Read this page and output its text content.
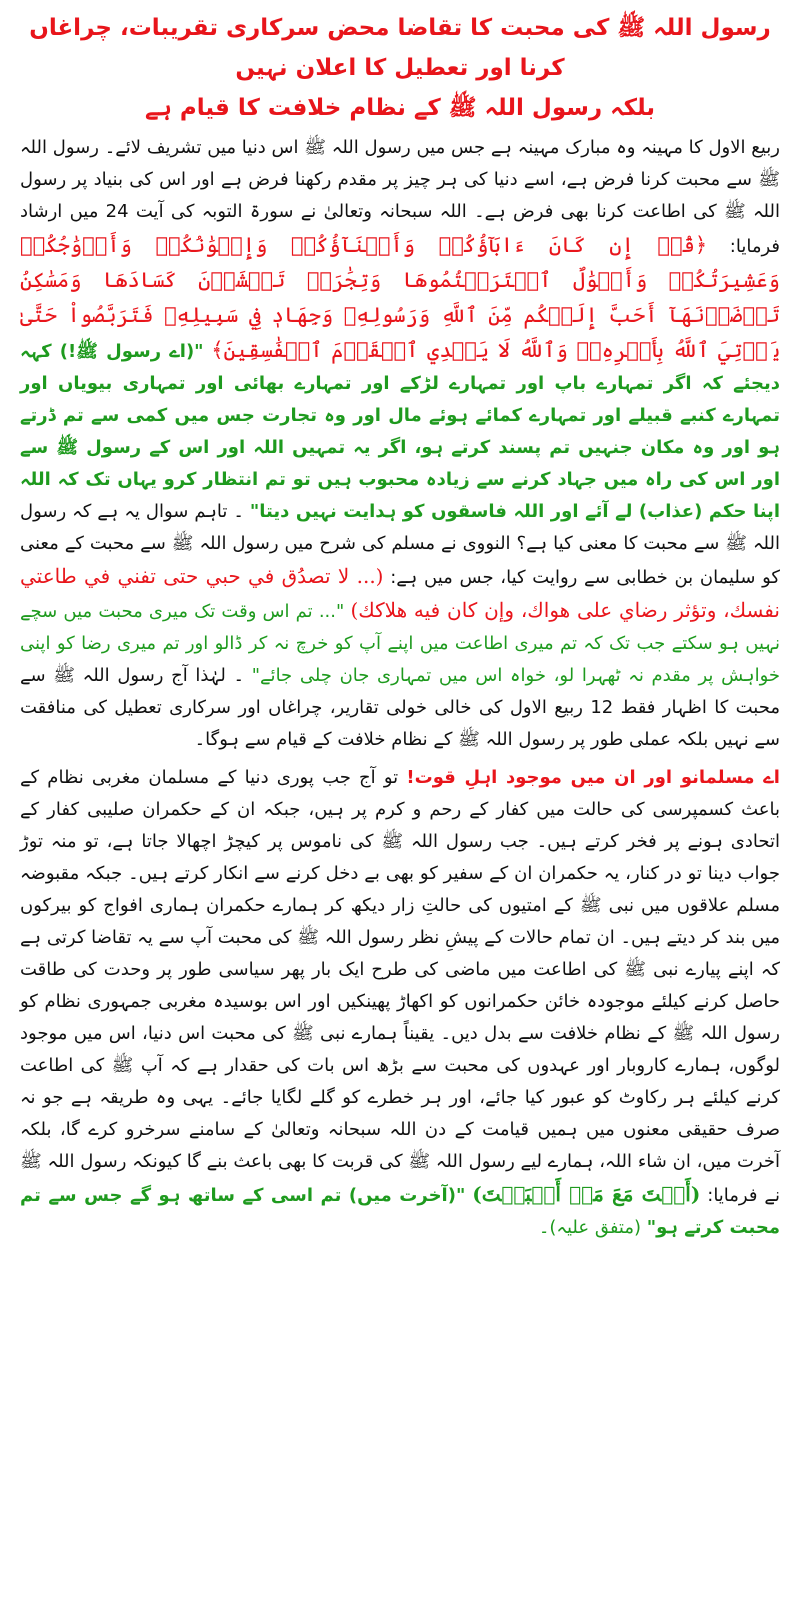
رسول اللہ ﷺ کی محبت کا تقاضا محض سرکاری تقریبات، چراغاں کرنا اور تعطیل کا اعلان نہیں
بلکہ رسول اللہ ﷺ کے نظام خلافت کا قیام ہے

ربیع الاول کا مہینہ وہ مبارک مہینہ ہے جس میں رسول اللہ ﷺ اس دنیا میں تشریف لائے۔ رسول اللہ ﷺ سے محبت کرنا فرض ہے، اسے دنیا کی ہر چیز پر مقدم رکھنا فرض ہے اور اس کی بنیاد پر رسول اللہ ﷺ کی اطاعت کرنا بھی فرض ہے۔ اللہ سبحانہ وتعالیٰ نے سورۃ التوبہ کی آیت 24 میں ارشاد فرمایا: ﴿قُلۡ إِن كَانَ ءَابَآؤُكُمۡ وَأَبۡنَآؤُكُمۡ وَإِخۡوَٰنُكُمۡ وَأَزۡوَٰجُكُمۡ وَعَشِيرَتُكُمۡ وَأَمۡوَٰلٌ ٱقۡتَرَفۡتُمُوهَا وَتِجَٰرَةٞ تَخۡشَوۡنَ كَسَادَهَا وَمَسَٰكِنُ تَرۡضَوۡنَهَآ أَحَبَّ إِلَيۡكُم مِّنَ ٱللَّهِ وَرَسُولِهِۦ وَجِهَادٖ فِي سَبِيلِهِۦ فَتَرَبَّصُواْ حَتَّىٰ يَأۡتِيَ ٱللَّهُ بِأَمۡرِهِۦۗ وَٱللَّهُ لَا يَهۡدِي ٱلۡقَوۡمَ ٱلۡفَٰسِقِينَ﴾ "(اے رسول ﷺ!) کہہ دیجئے کہ اگر تمہارے باپ اور تمہارے لڑکے اور تمہارے بھائی اور تمہاری بیویاں اور تمہارے کنبے قبیلے اور تمہارے کمائے ہوئے مال اور وہ تجارت جس میں کمی سے تم ڈرتے ہو اور وہ مکان جنہیں تم پسند کرتے ہو، اگر یہ تمہیں اللہ اور اس کے رسول ﷺ سے اور اس کی راہ میں جہاد کرنے سے زیادہ محبوب ہیں تو تم انتظار کرو یہاں تک کہ اللہ اپنا حکم (عذاب) لے آئے اور اللہ فاسقوں کو ہدایت نہیں دیتا" ۔ تاہم سوال یہ ہے کہ رسول اللہ ﷺ سے محبت کا معنی کیا ہے؟ النووی نے مسلم کی شرح میں رسول اللہ ﷺ سے محبت کے معنی کو سلیمان بن خطابی سے روایت کیا، جس میں ہے: (... لا تصدُق في حبي حتى تفني في طاعتي نفسك، وتؤثر رضاي على هواك، وإن كان فيه هلاكك) "... تم اس وقت تک میری محبت میں سچے نہیں ہو سکتے جب تک کہ تم میری اطاعت میں اپنے آپ کو خرچ نہ کر ڈالو اور تم میری رضا کو اپنی خواہش پر مقدم نہ ٹھہرا لو، خواہ اس میں تمہاری جان چلی جائے" ۔ لہٰذا آج رسول اللہ ﷺ سے محبت کا اظہار فقط 12 ربیع الاول کی خالی خولی تقاریر، چراغاں اور سرکاری تعطیل کی منافقت سے نہیں بلکہ عملی طور پر رسول اللہ ﷺ کے نظام خلافت کے قیام سے ہوگا۔

اے مسلمانو اور ان میں موجود اہلِ قوت! تو آج جب پوری دنیا کے مسلمان مغربی نظام کے باعث کسمپرسی کی حالت میں کفار کے رحم و کرم پر ہیں، جبکہ ان کے حکمران صلیبی کفار کے اتحادی ہونے پر فخر کرتے ہیں۔ جب رسول اللہ ﷺ کی ناموس پر کیچڑ اچھالا جاتا ہے، تو منہ توڑ جواب دینا تو در کنار، یہ حکمران ان کے سفیر کو بھی بے دخل کرنے سے انکار کرتے ہیں۔ جبکہ مقبوضہ مسلم علاقوں میں نبی ﷺ کے امتیوں کی حالتِ زار دیکھ کر ہمارے حکمران ہماری افواج کو بیرکوں میں بند کر دیتے ہیں۔ ان تمام حالات کے پیشِ نظر رسول اللہ ﷺ کی محبت آپ سے یہ تقاضا کرتی ہے کہ اپنے پیارے نبی ﷺ کی اطاعت میں ماضی کی طرح ایک بار پھر سیاسی طور پر وحدت کی طاقت حاصل کرنے کیلئے موجودہ خائن حکمرانوں کو اکھاڑ پھینکیں اور اس بوسیدہ مغربی جمہوری نظام کو رسول اللہ ﷺ کے نظام خلافت سے بدل دیں۔ یقیناً ہمارے نبی ﷺ کی محبت اس دنیا، اس میں موجود لوگوں، ہمارے کاروبار اور عہدوں کی محبت سے بڑھ اس بات کی حقدار ہے کہ آپ ﷺ کی اطاعت کرنے کیلئے ہر رکاوٹ کو عبور کیا جائے، اور ہر خطرے کو گلے لگایا جائے۔ یہی وہ طریقہ ہے جو نہ صرف حقیقی معنوں میں ہمیں قیامت کے دن اللہ سبحانہ وتعالیٰ کے سامنے سرخرو کرے گا، بلکہ آخرت میں، ان شاء اللہ، ہمارے لیے رسول اللہ ﷺ کی قربت کا بھی باعث بنے گا کیونکہ رسول اللہ ﷺ نے فرمایا: (أَنۡتَ مَعَ مَنۡ أَحۡبَبۡتَ) "(آخرت میں) تم اسی کے ساتھ ہو گے جس سے تم محبت کرتے ہو" (متفق علیہ)۔
